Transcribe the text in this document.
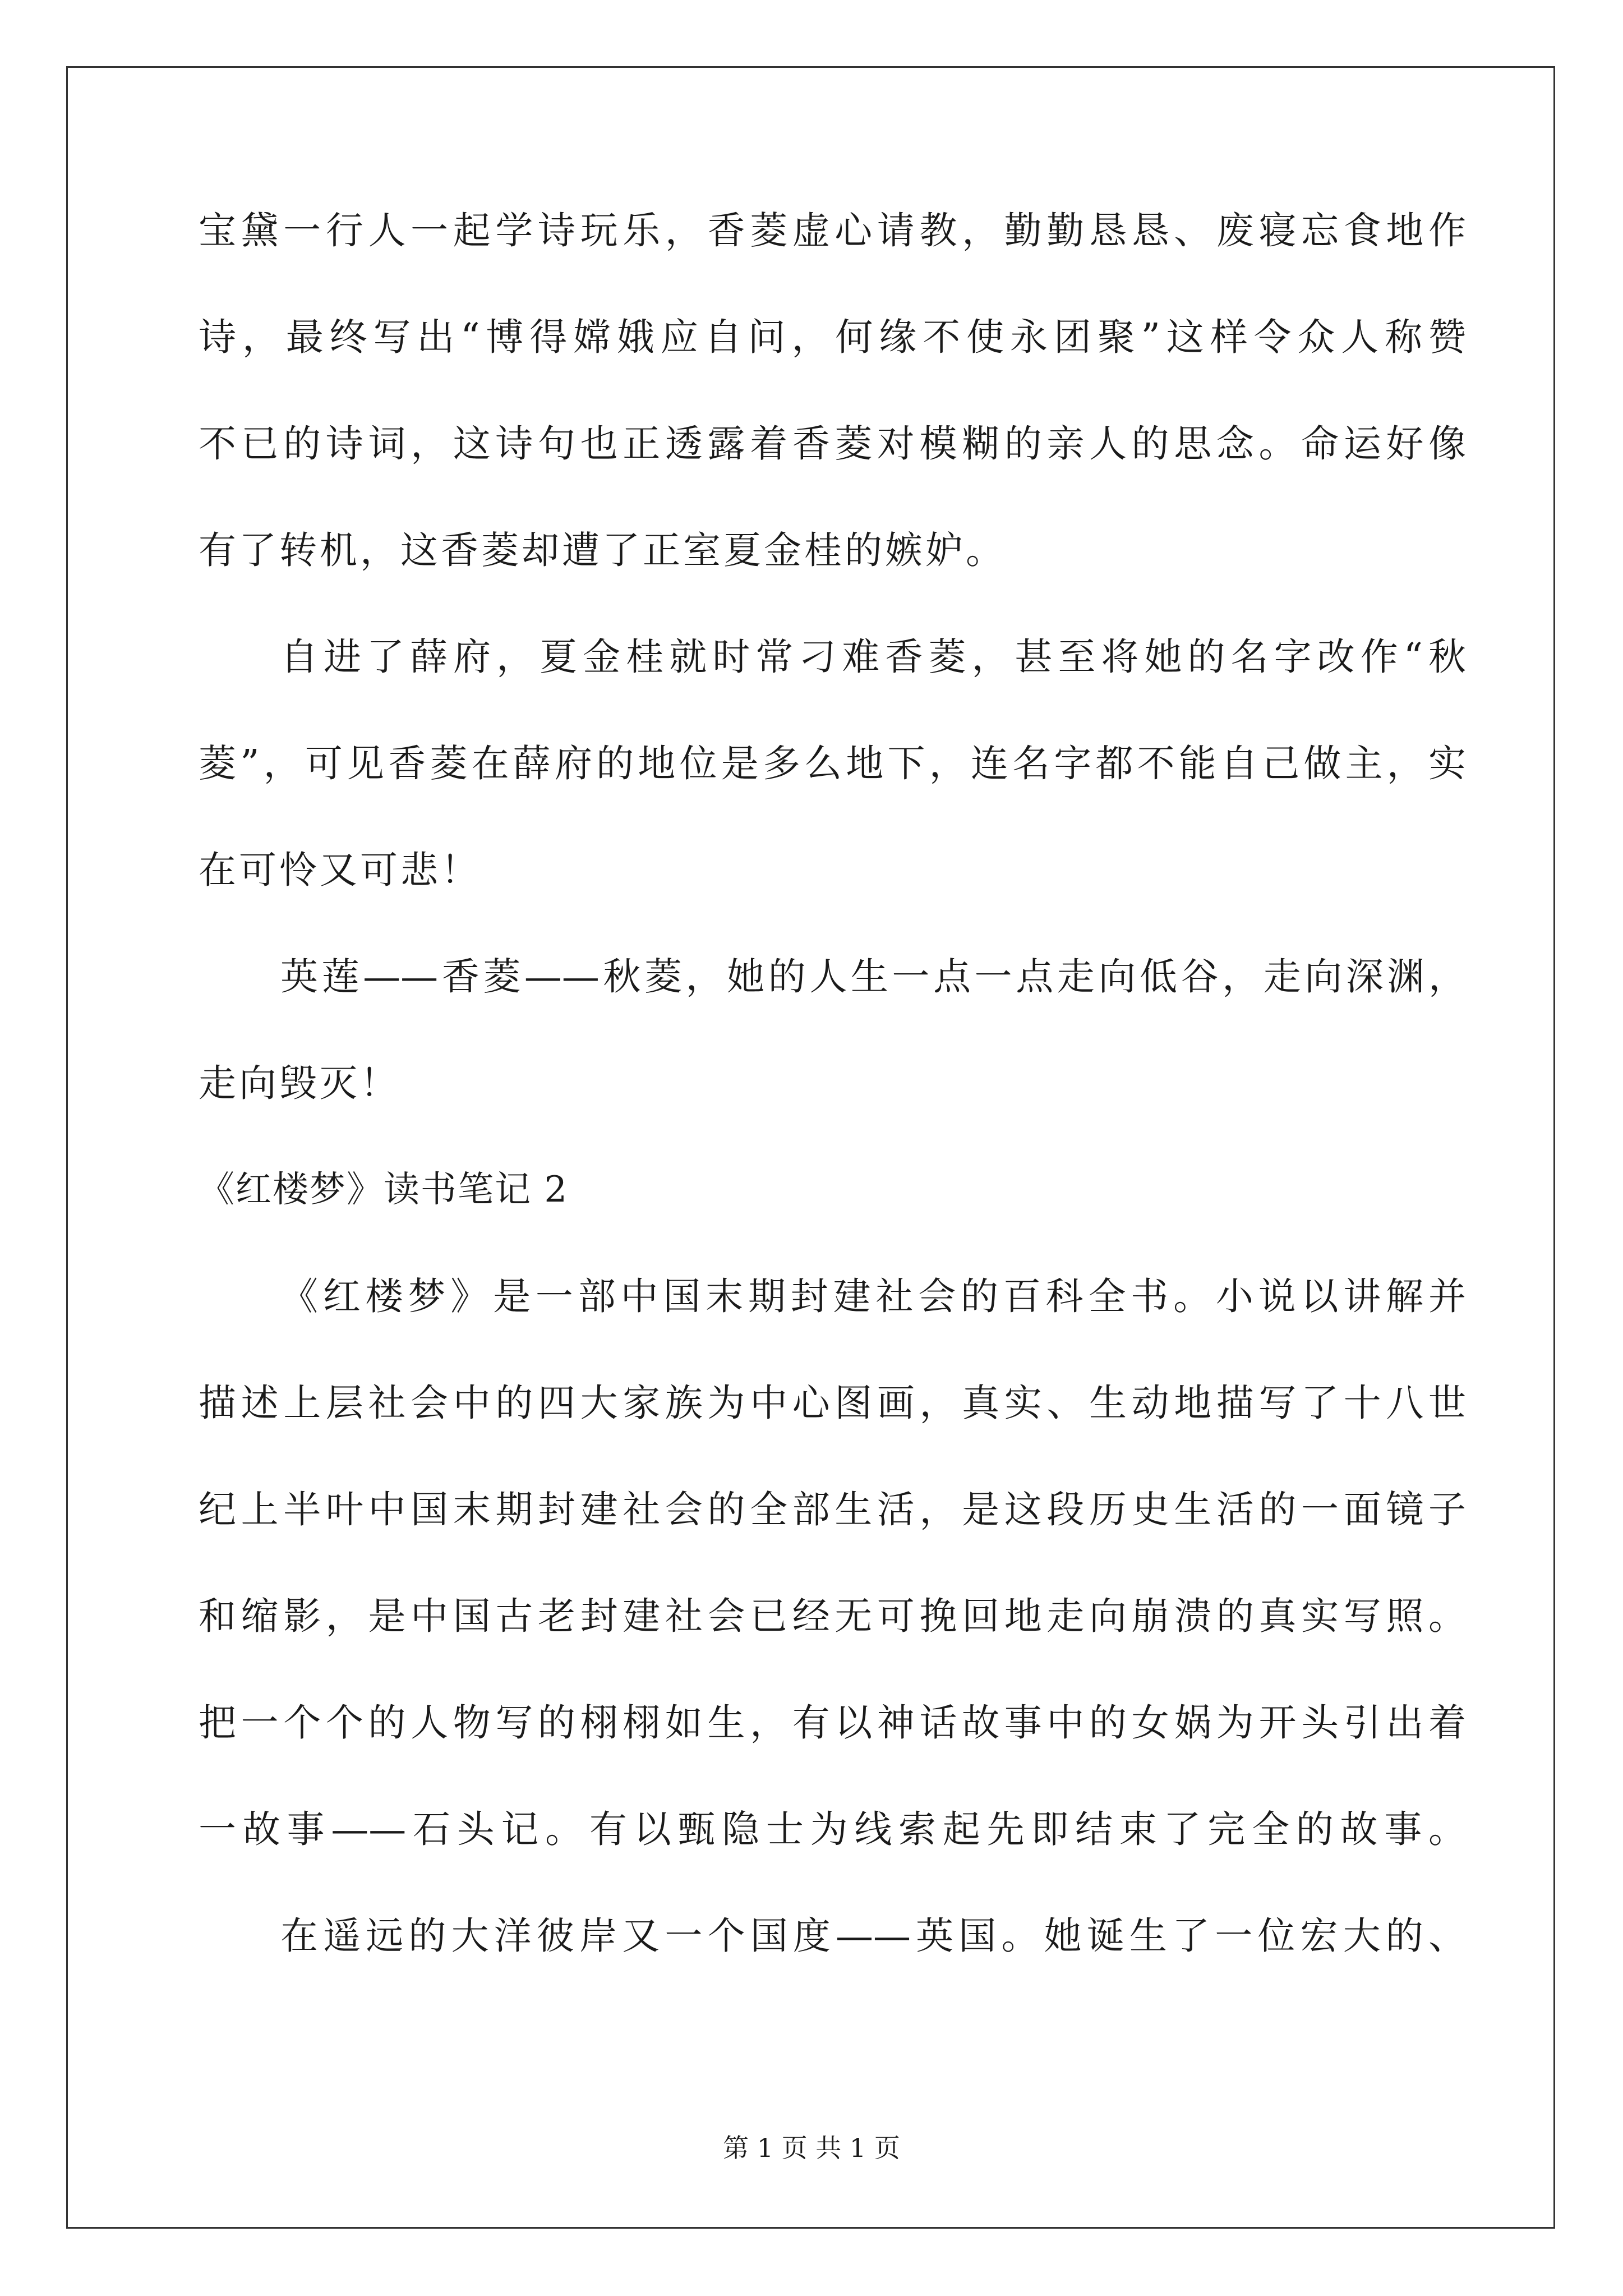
宝黛一行人一起学诗玩乐，香菱虚心请教，勤勤恳恳、废寝忘食地作
诗，最终写出“博得嫦娥应自问，何缘不使永团聚”这样令众人称赞
不已的诗词，这诗句也正透露着香菱对模糊的亲人的思念。命运好像
有了转机，这香菱却遭了正室夏金桂的嫉妒。
自进了薛府，夏金桂就时常刁难香菱，甚至将她的名字改作“秋
菱”，可见香菱在薛府的地位是多么地下，连名字都不能自己做主，实
在可怜又可悲！
英莲——香菱——秋菱，她的人生一点一点走向低谷，走向深渊，
走向毁灭！
《红楼梦》读书笔记 2
《红楼梦》是一部中国末期封建社会的百科全书。小说以讲解并
描述上层社会中的四大家族为中心图画，真实、生动地描写了十八世
纪上半叶中国末期封建社会的全部生活，是这段历史生活的一面镜子
和缩影，是中国古老封建社会已经无可挽回地走向崩溃的真实写照。
把一个个的人物写的栩栩如生，有以神话故事中的女娲为开头引出着
一故事——石头记。有以甄隐士为线索起先即结束了完全的故事。
在遥远的大洋彼岸又一个国度——英国。她诞生了一位宏大的、
第 1 页 共 1 页
